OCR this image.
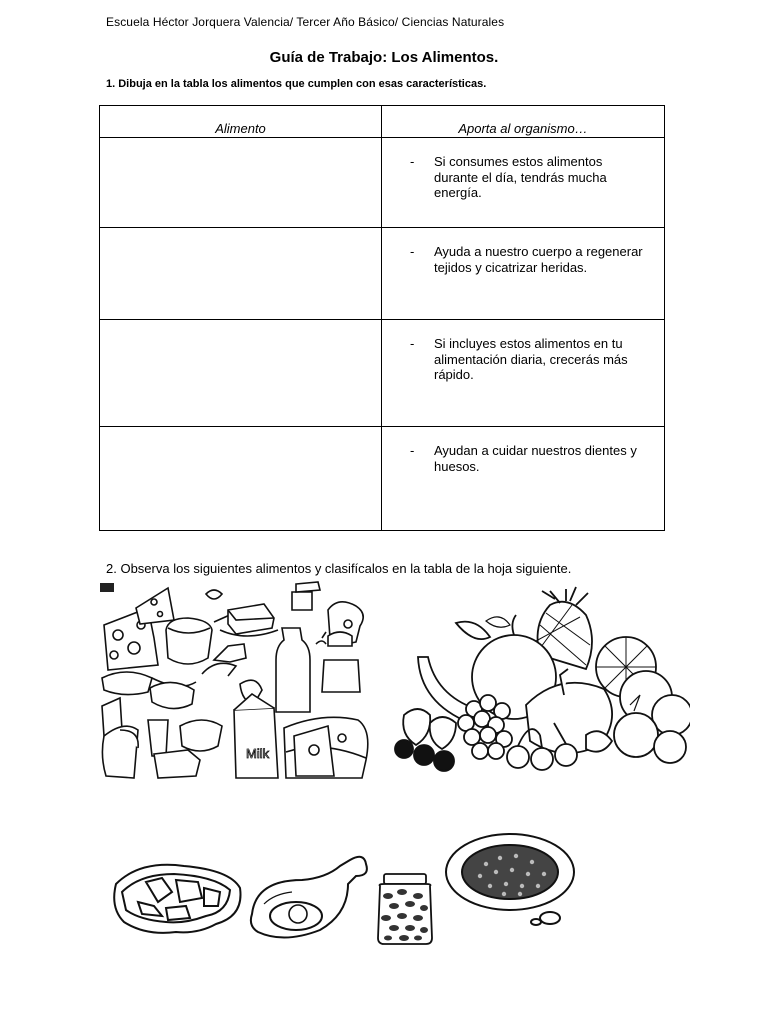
Escuela Héctor Jorquera Valencia/ Tercer Año Básico/ Ciencias Naturales
Guía de Trabajo: Los Alimentos.
1. Dibuja en la tabla los alimentos que cumplen con esas características.
Alimento	Aporta al organismo…

	- Si consumes estos alimentos durante el día, tendrás mucha energía.

	- Ayuda a nuestro cuerpo a regenerar tejidos y cicatrizar heridas.

	- Si incluyes estos alimentos en tu alimentación diaria, crecerás más rápido.

	- Ayudan a cuidar nuestros dientes y huesos.
2. Observa los siguientes alimentos y clasifícalos en la tabla de la hoja siguiente.
Milk
